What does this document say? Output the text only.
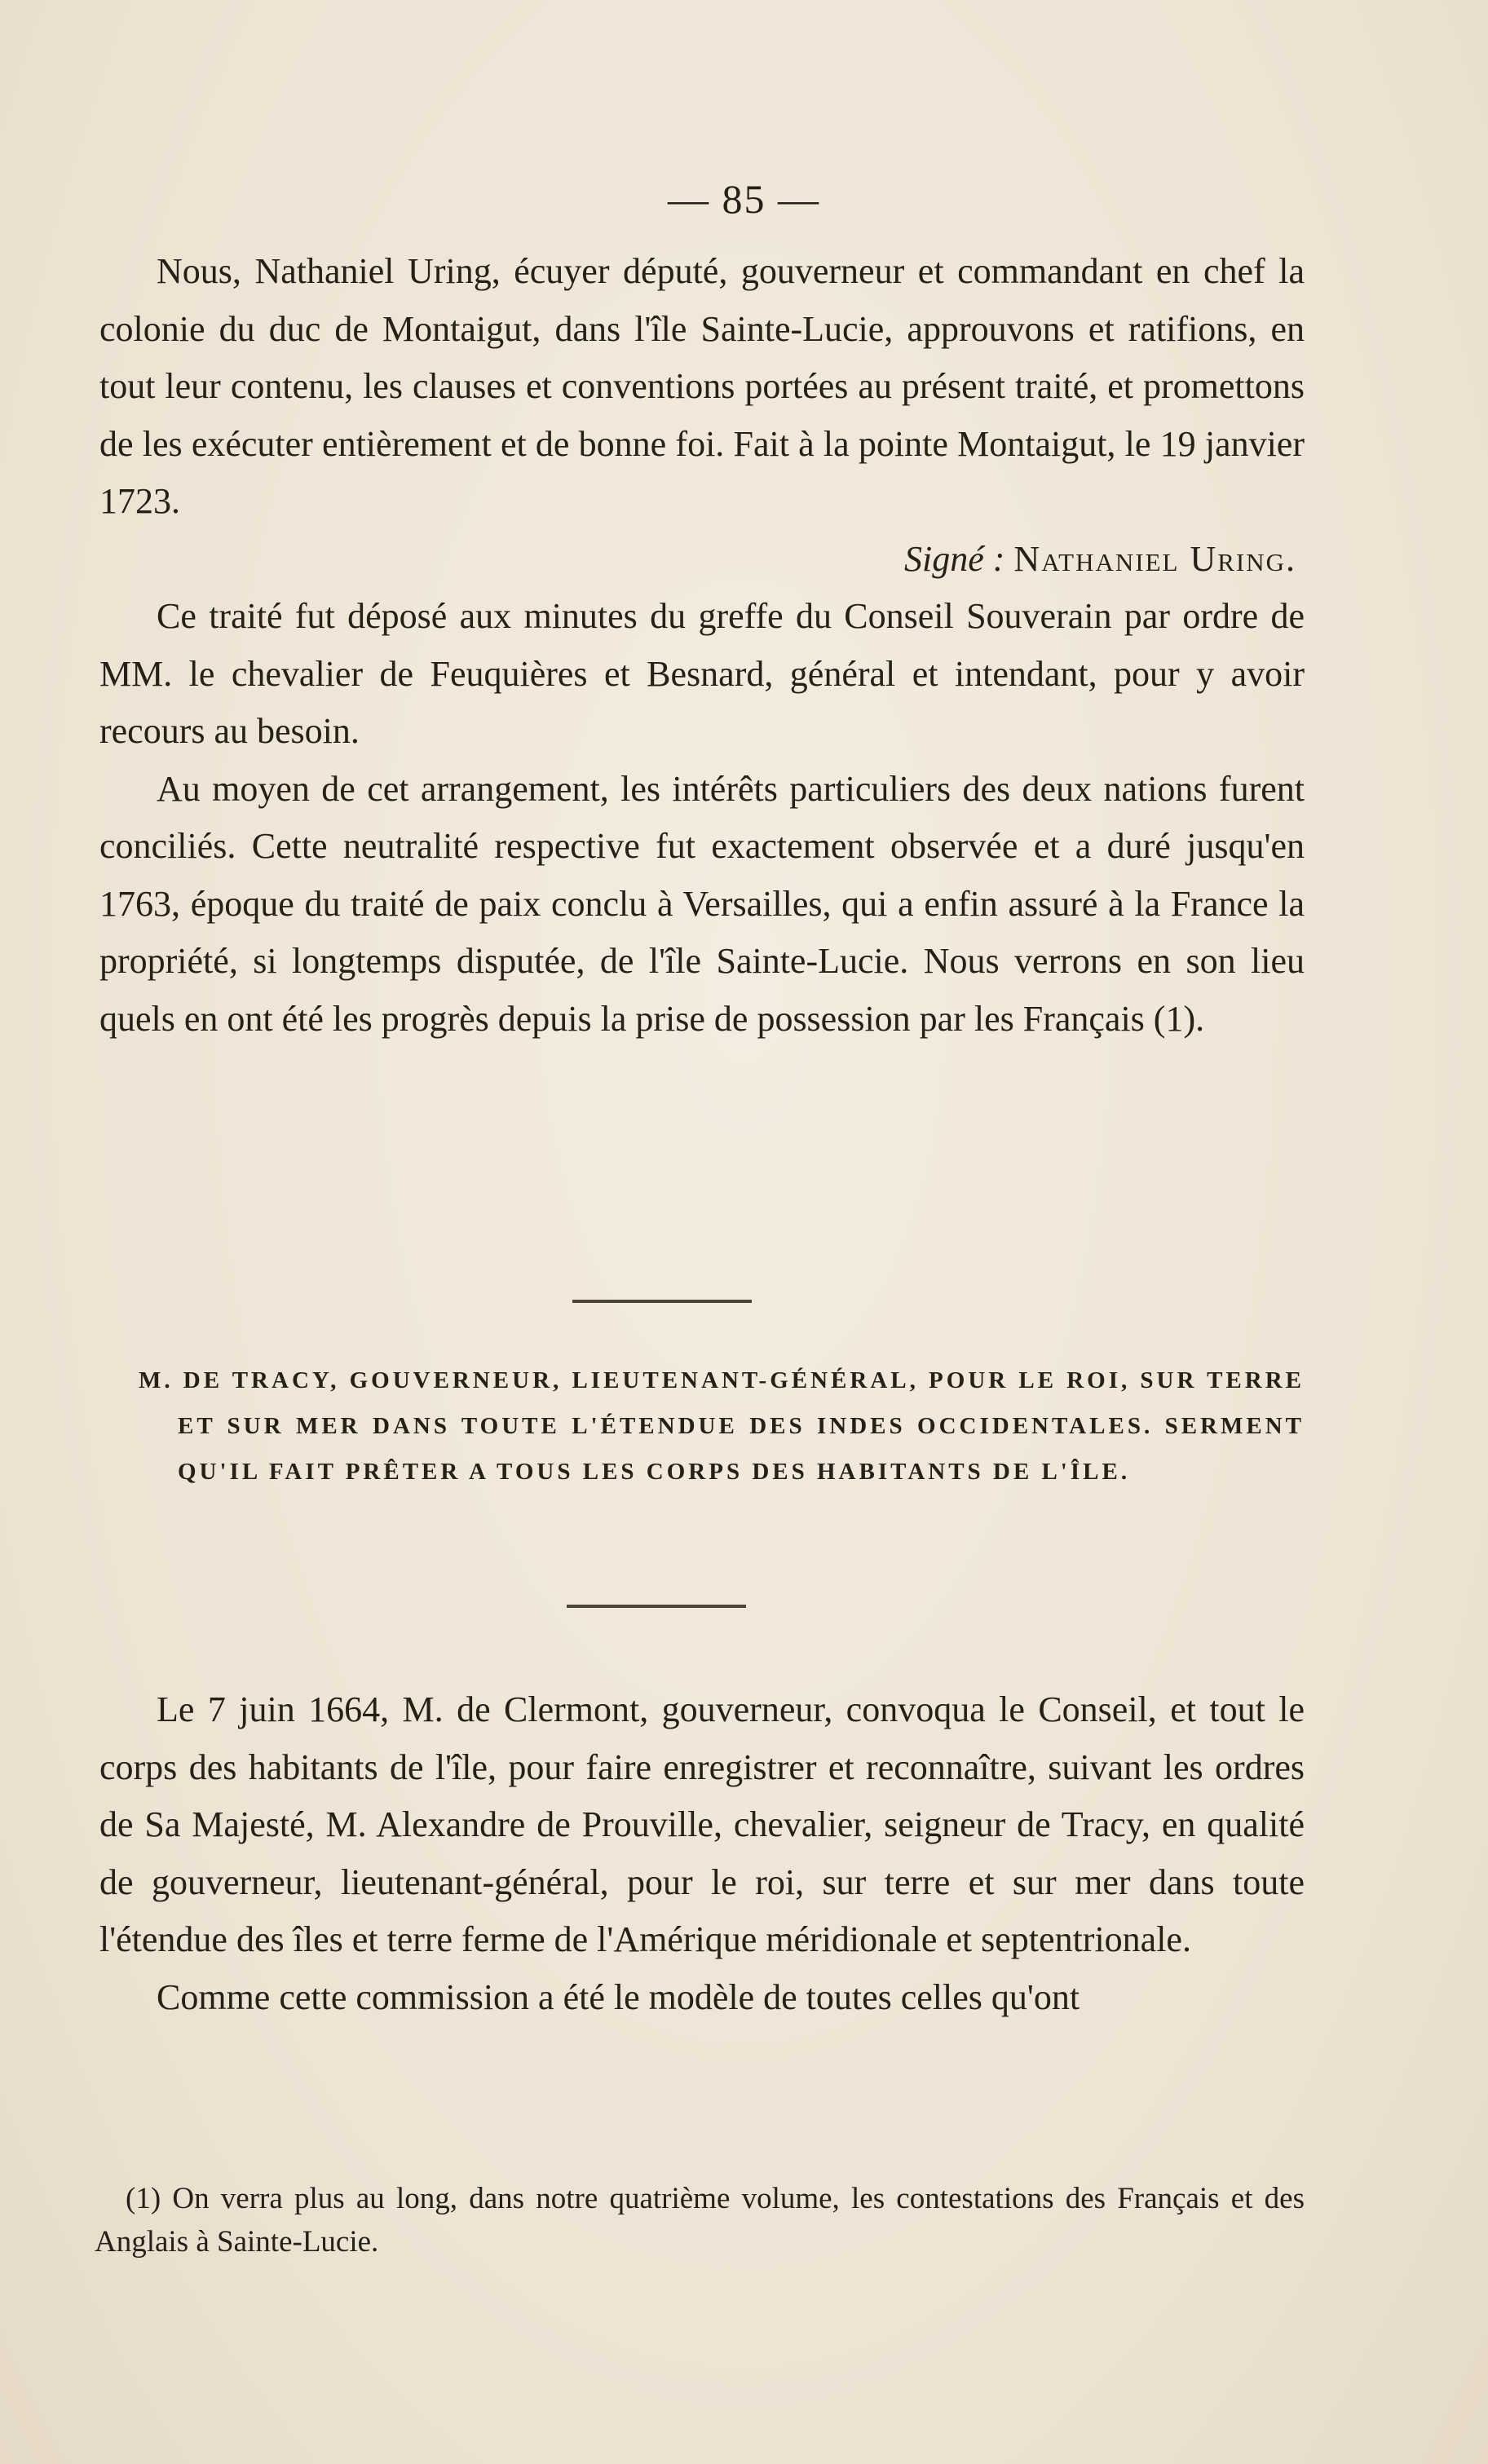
— 85 —

Nous, Nathaniel Uring, écuyer député, gouverneur et commandant en chef la colonie du duc de Montaigut, dans l'île Sainte-Lucie, approuvons et ratifions, en tout leur contenu, les clauses et conventions portées au présent traité, et promettons de les exécuter entièrement et de bonne foi. Fait à la pointe Montaigut, le 19 janvier 1723.

Signé : Nathaniel Uring.

Ce traité fut déposé aux minutes du greffe du Conseil Souverain par ordre de MM. le chevalier de Feuquières et Besnard, général et intendant, pour y avoir recours au besoin.

Au moyen de cet arrangement, les intérêts particuliers des deux nations furent conciliés. Cette neutralité respective fut exactement observée et a duré jusqu'en 1763, époque du traité de paix conclu à Versailles, qui a enfin assuré à la France la propriété, si longtemps disputée, de l'île Sainte-Lucie. Nous verrons en son lieu quels en ont été les progrès depuis la prise de possession par les Français (1).

M. DE TRACY, GOUVERNEUR, LIEUTENANT-GÉNÉRAL, POUR LE ROI, SUR TERRE ET SUR MER DANS TOUTE L'ÉTENDUE DES INDES OCCIDENTALES. SERMENT QU'IL FAIT PRÊTER A TOUS LES CORPS DES HABITANTS DE L'ÎLE.

Le 7 juin 1664, M. de Clermont, gouverneur, convoqua le Conseil, et tout le corps des habitants de l'île, pour faire enregistrer et reconnaître, suivant les ordres de Sa Majesté, M. Alexandre de Prouville, chevalier, seigneur de Tracy, en qualité de gouverneur, lieutenant-général, pour le roi, sur terre et sur mer dans toute l'étendue des îles et terre ferme de l'Amérique méridionale et septentrionale.

Comme cette commission a été le modèle de toutes celles qu'ont

(1) On verra plus au long, dans notre quatrième volume, les contestations des Français et des Anglais à Sainte-Lucie.
